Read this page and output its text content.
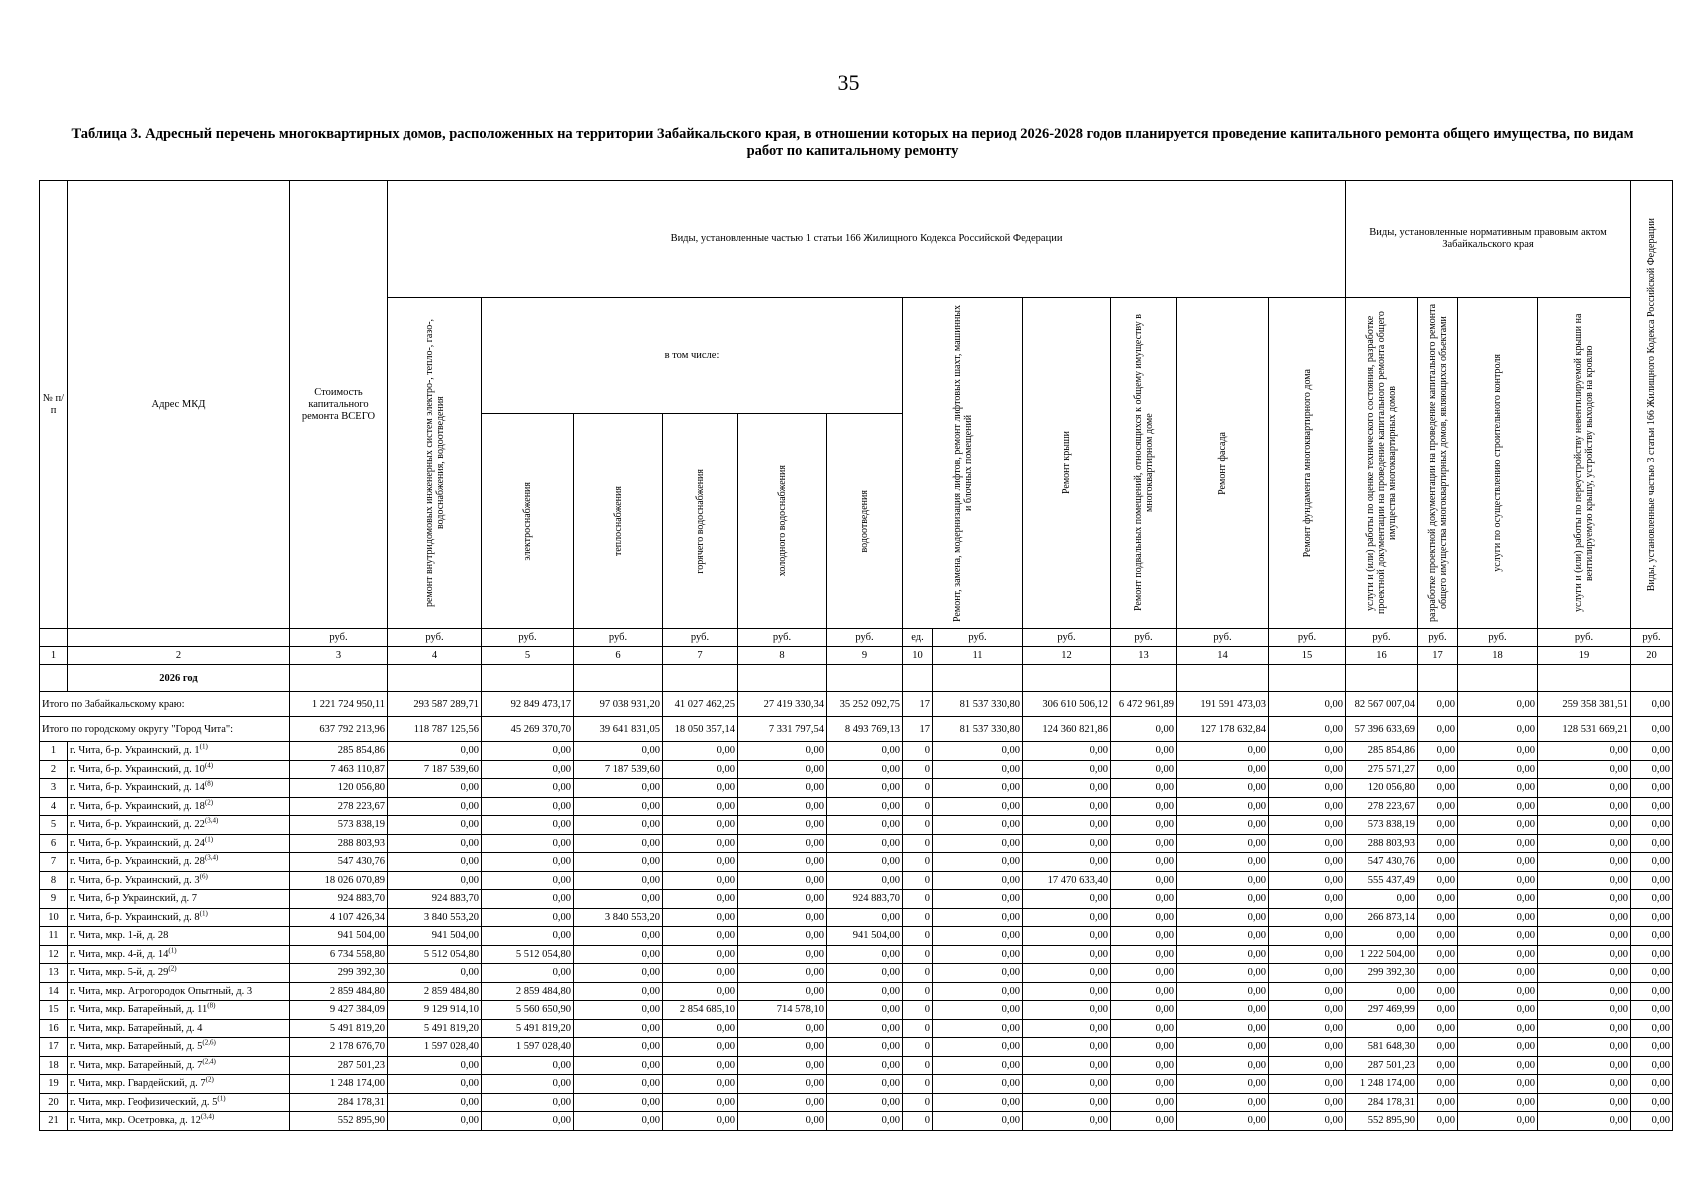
35
Таблица 3. Адресный перечень многоквартирных домов, расположенных на территории Забайкальского края, в отношении которых на период 2026-2028 годов планируется проведение капитального ремонта общего имущества, по видам работ по капитальному ремонту
№ п/п	Адрес МКД	Стоимость капитального ремонта ВСЕГО	Виды, установленные частью 1 статьи 166 Жилищного Кодекса Российской Федерации												Виды, установленные нормативным правовым актом Забайкальского края				Виды, установленные частью 3 статьи 166 Жилищного Кодекса Российской Федерации

			ремонт внутридомовых инженерных систем электро-, тепло-, газо-, водоснабжения, водоотведения	в том числе:					Ремонт, замена, модернизация лифтов, ремонт лифтовых шахт, машинных и блочных помещений		Ремонт крыши	Ремонт подвальных помещений, относящихся к общему имуществу в многоквартирном доме	Ремонт фасада	Ремонт фундамента многоквартирного дома	услуги и (или) работы по оценке технического состояния, разработке проектной документации на проведение капитального ремонта общего имущества многоквартирных домов	разработке проектной документации на проведение капитального ремонта общего имущества многоквартирных домов, являющихся объектами	услуги по осуществлению строительного контроля	услуги и (или) работы по переустройству невентилируемой крыши на вентилируемую крышу, устройству выходов на кровлю	

				электроснабжения	теплоснабжения	горячего водоснабжения	холодного водоснабжения	водоотведения											

		руб.	руб.	руб.	руб.	руб.	руб.	руб.	ед.	руб.	руб.	руб.	руб.	руб.	руб.	руб.	руб.	руб.	руб.
1	2	3	4	5	6	7	8	9	10	11	12	13	14	15	16	17	18	19	20
	2026 год																		
Итого по Забайкальскому краю:		1 221 724 950,11	293 587 289,71	92 849 473,17	97 038 931,20	41 027 462,25	27 419 330,34	35 252 092,75	17	81 537 330,80	306 610 506,12	6 472 961,89	191 591 473,03	0,00	82 567 007,04	0,00	0,00	259 358 381,51	0,00
Итого по городскому округу "Город Чита":		637 792 213,96	118 787 125,56	45 269 370,70	39 641 831,05	18 050 357,14	7 331 797,54	8 493 769,13	17	81 537 330,80	124 360 821,86	0,00	127 178 632,84	0,00	57 396 633,69	0,00	0,00	128 531 669,21	0,00
1	г. Чита, б-р. Украинский, д. 1$^{(1)}$	285 854,86	0,00	0,00	0,00	0,00	0,00	0,00	0	0,00	0,00	0,00	0,00	0,00	285 854,86	0,00	0,00	0,00	0,00
2	г. Чита, б-р. Украинский, д. 10$^{(4)}$	7 463 110,87	7 187 539,60	0,00	7 187 539,60	0,00	0,00	0,00	0	0,00	0,00	0,00	0,00	0,00	275 571,27	0,00	0,00	0,00	0,00
3	г. Чита, б-р. Украинский, д. 14$^{(8)}$	120 056,80	0,00	0,00	0,00	0,00	0,00	0,00	0	0,00	0,00	0,00	0,00	0,00	120 056,80	0,00	0,00	0,00	0,00
4	г. Чита, б-р. Украинский, д. 18$^{(2)}$	278 223,67	0,00	0,00	0,00	0,00	0,00	0,00	0	0,00	0,00	0,00	0,00	0,00	278 223,67	0,00	0,00	0,00	0,00
5	г. Чита, б-р. Украинский, д. 22$^{(3,4)}$	573 838,19	0,00	0,00	0,00	0,00	0,00	0,00	0	0,00	0,00	0,00	0,00	0,00	573 838,19	0,00	0,00	0,00	0,00
6	г. Чита, б-р. Украинский, д. 24$^{(1)}$	288 803,93	0,00	0,00	0,00	0,00	0,00	0,00	0	0,00	0,00	0,00	0,00	0,00	288 803,93	0,00	0,00	0,00	0,00
7	г. Чита, б-р. Украинский, д. 28$^{(3,4)}$	547 430,76	0,00	0,00	0,00	0,00	0,00	0,00	0	0,00	0,00	0,00	0,00	0,00	547 430,76	0,00	0,00	0,00	0,00
8	г. Чита, б-р. Украинский, д. 3$^{(6)}$	18 026 070,89	0,00	0,00	0,00	0,00	0,00	0,00	0	0,00	17 470 633,40	0,00	0,00	0,00	555 437,49	0,00	0,00	0,00	0,00
9	г. Чита, б-р Украинский, д. 7	924 883,70	924 883,70	0,00	0,00	0,00	0,00	924 883,70	0	0,00	0,00	0,00	0,00	0,00	0,00	0,00	0,00	0,00	0,00
10	г. Чита, б-р. Украинский, д. 8$^{(1)}$	4 107 426,34	3 840 553,20	0,00	3 840 553,20	0,00	0,00	0,00	0	0,00	0,00	0,00	0,00	0,00	266 873,14	0,00	0,00	0,00	0,00
11	г. Чита, мкр. 1-й, д. 28	941 504,00	941 504,00	0,00	0,00	0,00	0,00	941 504,00	0	0,00	0,00	0,00	0,00	0,00	0,00	0,00	0,00	0,00	0,00
12	г. Чита, мкр. 4-й, д. 14$^{(1)}$	6 734 558,80	5 512 054,80	5 512 054,80	0,00	0,00	0,00	0,00	0	0,00	0,00	0,00	0,00	0,00	1 222 504,00	0,00	0,00	0,00	0,00
13	г. Чита, мкр. 5-й, д. 29$^{(2)}$	299 392,30	0,00	0,00	0,00	0,00	0,00	0,00	0	0,00	0,00	0,00	0,00	0,00	299 392,30	0,00	0,00	0,00	0,00
14	г. Чита, мкр. Агрогородок Опытный, д. 3	2 859 484,80	2 859 484,80	2 859 484,80	0,00	0,00	0,00	0,00	0	0,00	0,00	0,00	0,00	0,00	0,00	0,00	0,00	0,00	0,00
15	г. Чита, мкр. Батарейный, д. 11$^{(8)}$	9 427 384,09	9 129 914,10	5 560 650,90	0,00	2 854 685,10	714 578,10	0,00	0	0,00	0,00	0,00	0,00	0,00	297 469,99	0,00	0,00	0,00	0,00
16	г. Чита, мкр. Батарейный, д. 4	5 491 819,20	5 491 819,20	5 491 819,20	0,00	0,00	0,00	0,00	0	0,00	0,00	0,00	0,00	0,00	0,00	0,00	0,00	0,00	0,00
17	г. Чита, мкр. Батарейный, д. 5$^{(2,6)}$	2 178 676,70	1 597 028,40	1 597 028,40	0,00	0,00	0,00	0,00	0	0,00	0,00	0,00	0,00	0,00	581 648,30	0,00	0,00	0,00	0,00
18	г. Чита, мкр. Батарейный, д. 7$^{(2,4)}$	287 501,23	0,00	0,00	0,00	0,00	0,00	0,00	0	0,00	0,00	0,00	0,00	0,00	287 501,23	0,00	0,00	0,00	0,00
19	г. Чита, мкр. Гвардейский, д. 7$^{(2)}$	1 248 174,00	0,00	0,00	0,00	0,00	0,00	0,00	0	0,00	0,00	0,00	0,00	0,00	1 248 174,00	0,00	0,00	0,00	0,00
20	г. Чита, мкр. Геофизический, д. 5$^{(1)}$	284 178,31	0,00	0,00	0,00	0,00	0,00	0,00	0	0,00	0,00	0,00	0,00	0,00	284 178,31	0,00	0,00	0,00	0,00
21	г. Чита, мкр. Осетровка, д. 12$^{(3,4)}$	552 895,90	0,00	0,00	0,00	0,00	0,00	0,00	0	0,00	0,00	0,00	0,00	0,00	552 895,90	0,00	0,00	0,00	0,00
